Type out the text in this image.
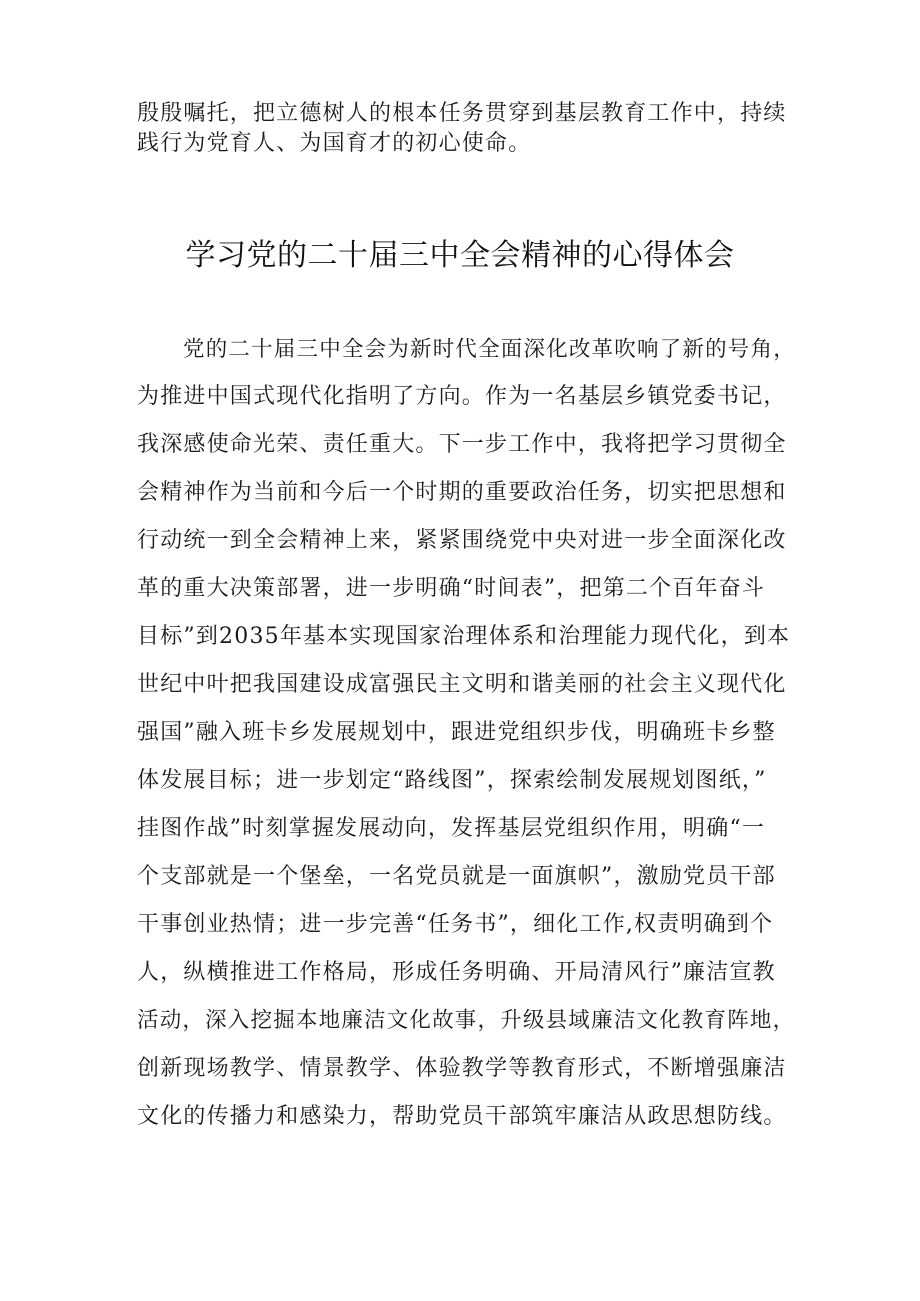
殷殷嘱托，把立德树人的根本任务贯穿到基层教育工作中，持续
践行为党育人、为国育才的初心使命。
学习党的二十届三中全会精神的心得体会
党的二十届三中全会为新时代全面深化改革吹响了新的号角，
为推进中国式现代化指明了方向。作为一名基层乡镇党委书记，
我深感使命光荣、责任重大。下一步工作中，我将把学习贯彻全
会精神作为当前和今后一个时期的重要政治任务，切实把思想和
行动统一到全会精神上来，紧紧围绕党中央对进一步全面深化改
革的重大决策部署，进一步明确“时间表”，把第二个百年奋斗
目标”到2035年基本实现国家治理体系和治理能力现代化，到本
世纪中叶把我国建设成富强民主文明和谐美丽的社会主义现代化
强国”融入班卡乡发展规划中，跟进党组织步伐，明确班卡乡整
体发展目标；进一步划定“路线图”，探索绘制发展规划图纸，”
挂图作战”时刻掌握发展动向，发挥基层党组织作用，明确“一
个支部就是一个堡垒，一名党员就是一面旗帜”，激励党员干部
干事创业热情；进一步完善“任务书”，细化工作,权责明确到个
人，纵横推进工作格局，形成任务明确、开局清风行”廉洁宣教
活动，深入挖掘本地廉洁文化故事，升级县域廉洁文化教育阵地，
创新现场教学、情景教学、体验教学等教育形式，不断增强廉洁
文化的传播力和感染力，帮助党员干部筑牢廉洁从政思想防线。
